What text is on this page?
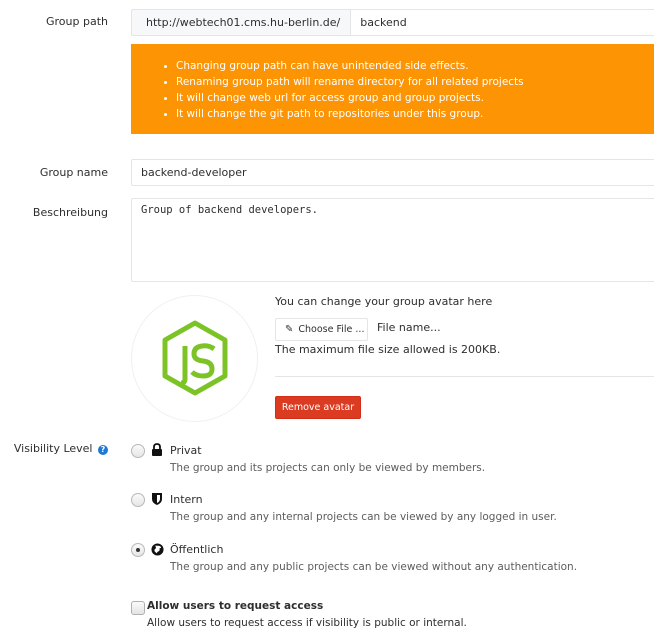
Group path	http://webtech01.cms.hu-berlin.de/
backend
Changing group path can have unintended side effects.
Renaming group path will rename directory for all related projects
It will change web url for access group and group projects.
It will change the git path to repositories under this group.
Group name
backend-developer
Beschreibung
Group of backend developers.
You can change your group avatar here
✎ Choose File ... File name...
The maximum file size allowed is 200KB.
Remove avatar
Visibility Level ?	Privat
The group and its projects can only be viewed by members.
Intern
The group and any internal projects can be viewed by any logged in user.
Öffentlich
The group and any public projects can be viewed without any authentication.
Allow users to request access
Allow users to request access if visibility is public or internal.
